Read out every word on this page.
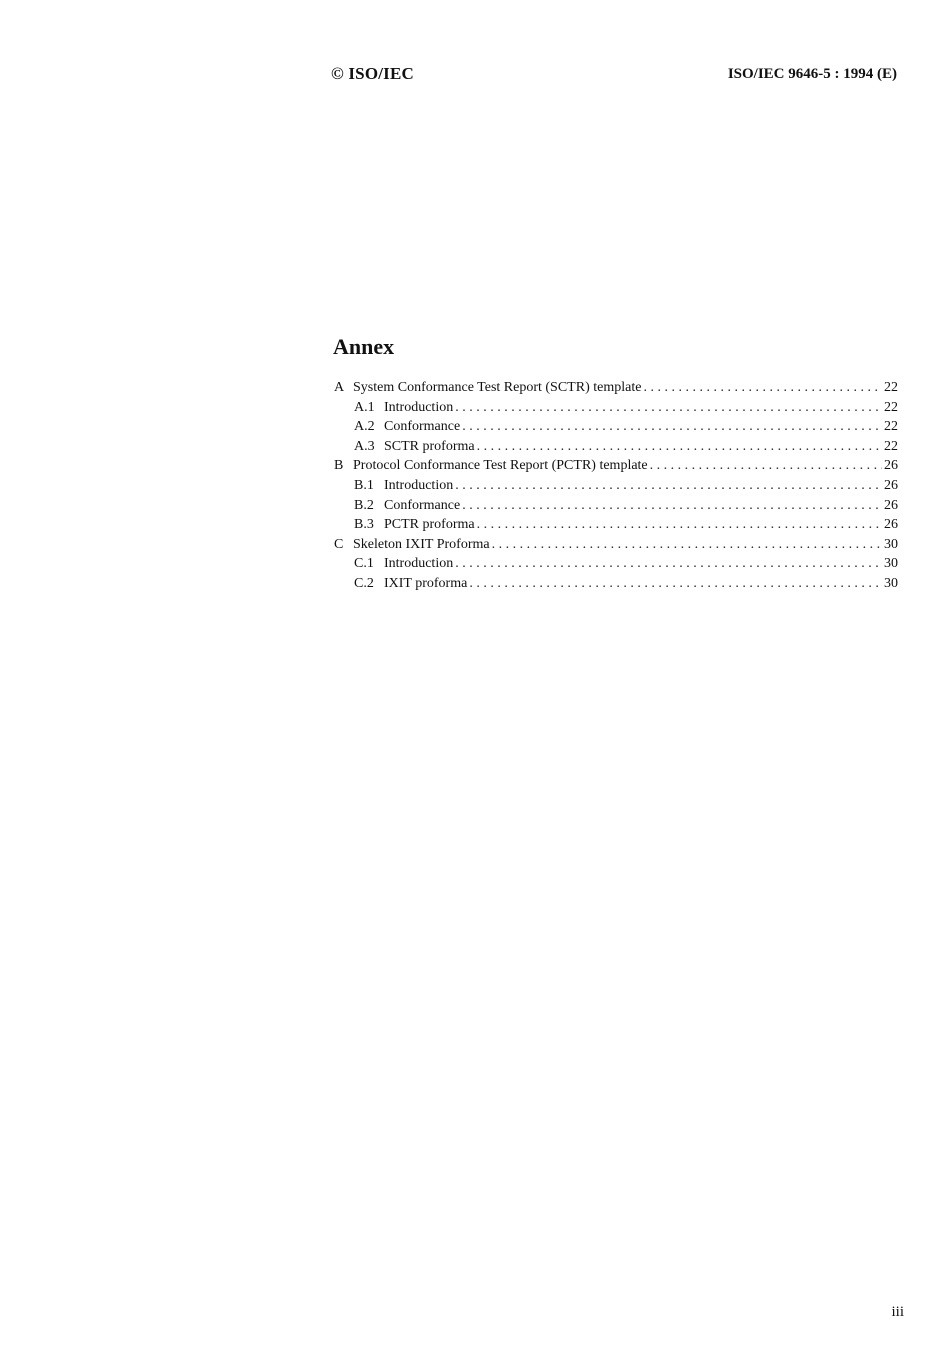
© ISO/IEC	ISO/IEC 9646-5 : 1994 (E)
Annex
A System Conformance Test Report (SCTR) template . . .	22
A.1 Introduction . . .	22
A.2 Conformance . . .	22
A.3 SCTR proforma . . .	22
B Protocol Conformance Test Report (PCTR) template . . .	26
B.1 Introduction . . .	26
B.2 Conformance . . .	26
B.3 PCTR proforma . . .	26
C Skeleton IXIT Proforma . . .	30
C.1 Introduction . . .	30
C.2 IXIT proforma . . .	30
iii
